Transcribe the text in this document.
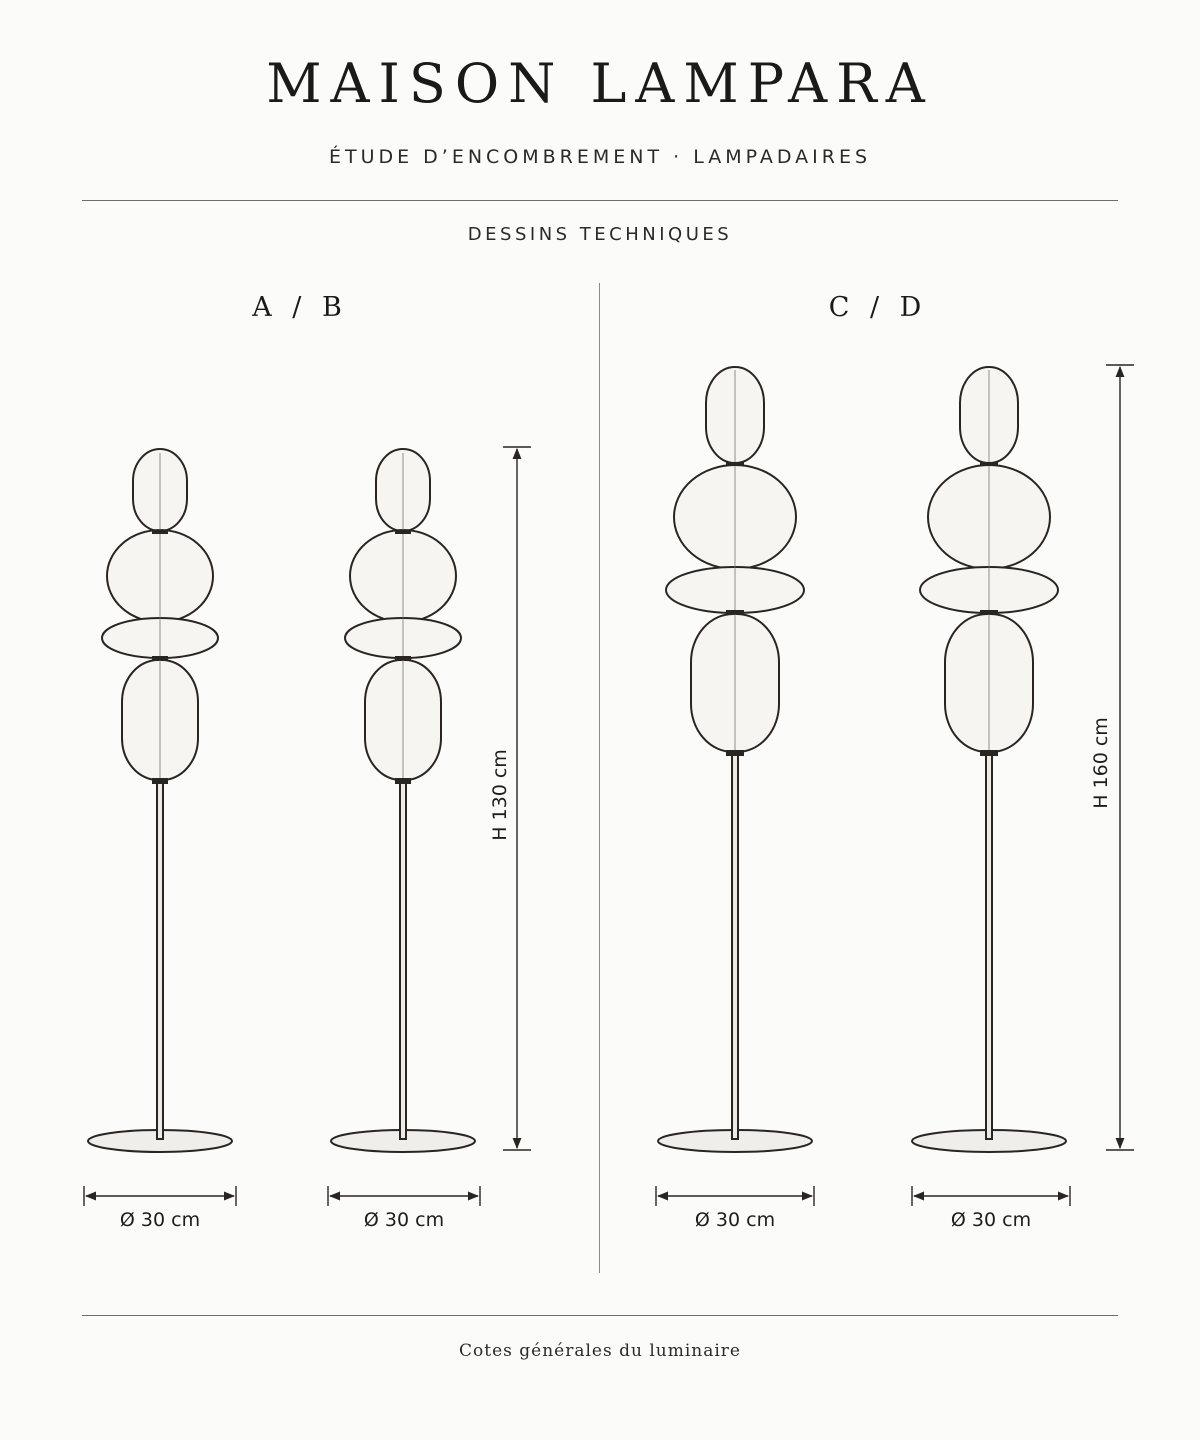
MAISON LAMPARA
ÉTUDE D’ENCOMBREMENT · LAMPADAIRES
DESSINS TECHNIQUES
A / B	C / D
H 130 cm	H 160 cm
Ø 30 cm	Ø 30 cm	Ø 30 cm	Ø 30 cm
Cotes générales du luminaire
